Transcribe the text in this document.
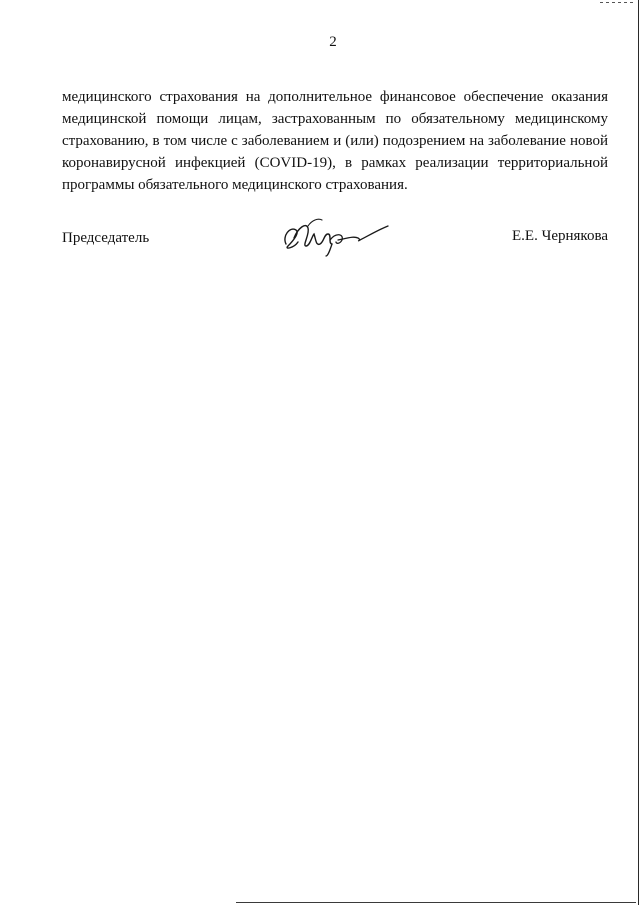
2
медицинского страхования на дополнительное финансовое обеспечение оказания
медицинской помощи лицам, застрахованным по обязательному медицинскому
страхованию, в том числе с заболеванием и (или) подозрением на заболевание новой
коронавирусной инфекцией (COVID-19), в рамках реализации территориальной
программы обязательного медицинского страхования.
Председатель	Е.Е. Чернякова
